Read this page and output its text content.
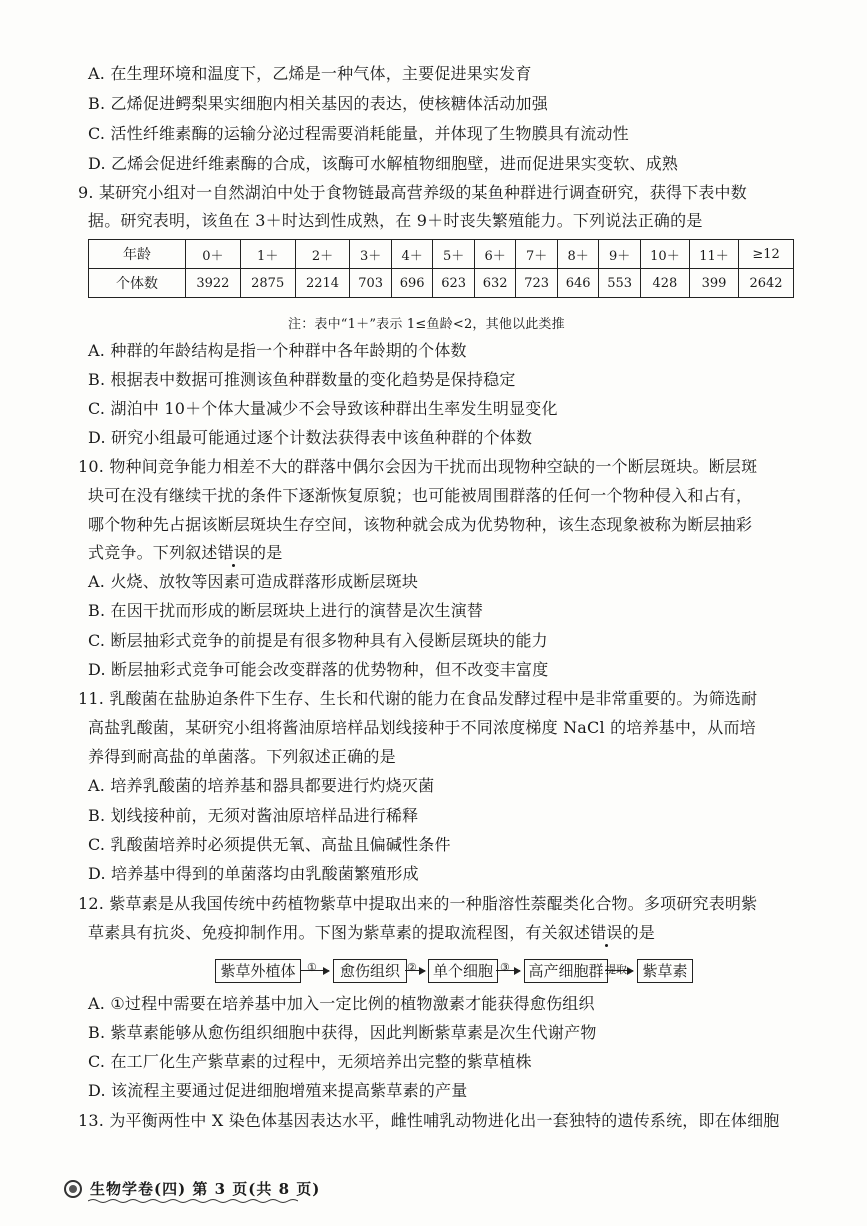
A. 在生理环境和温度下，乙烯是一种气体，主要促进果实发育
B. 乙烯促进鳄梨果实细胞内相关基因的表达，使核糖体活动加强
C. 活性纤维素酶的运输分泌过程需要消耗能量，并体现了生物膜具有流动性
D. 乙烯会促进纤维素酶的合成，该酶可水解植物细胞壁，进而促进果实变软、成熟
9. 某研究小组对一自然湖泊中处于食物链最高营养级的某鱼种群进行调查研究，获得下表中数
据。研究表明，该鱼在 3＋时达到性成熟，在 9＋时丧失繁殖能力。下列说法正确的是
年龄	0＋	1＋	2＋	3＋	4＋	5＋	6＋	7＋	8＋	9＋	10＋	11＋	≥12
个体数	3922	2875	2214	703	696	623	632	723	646	553	428	399	2642
注：表中“1＋”表示 1≤鱼龄<2，其他以此类推
A. 种群的年龄结构是指一个种群中各年龄期的个体数
B. 根据表中数据可推测该鱼种群数量的变化趋势是保持稳定
C. 湖泊中 10＋个体大量减少不会导致该种群出生率发生明显变化
D. 研究小组最可能通过逐个计数法获得表中该鱼种群的个体数
10. 物种间竞争能力相差不大的群落中偶尔会因为干扰而出现物种空缺的一个断层斑块。断层斑
块可在没有继续干扰的条件下逐渐恢复原貌；也可能被周围群落的任何一个物种侵入和占有，
哪个物种先占据该断层斑块生存空间，该物种就会成为优势物种，该生态现象被称为断层抽彩
式竞争。下列叙述错误的是
A. 火烧、放牧等因素可造成群落形成断层斑块
B. 在因干扰而形成的断层斑块上进行的演替是次生演替
C. 断层抽彩式竞争的前提是有很多物种具有入侵断层斑块的能力
D. 断层抽彩式竞争可能会改变群落的优势物种，但不改变丰富度
11. 乳酸菌在盐胁迫条件下生存、生长和代谢的能力在食品发酵过程中是非常重要的。为筛选耐
高盐乳酸菌，某研究小组将酱油原培样品划线接种于不同浓度梯度 NaCl 的培养基中，从而培
养得到耐高盐的单菌落。下列叙述正确的是
A. 培养乳酸菌的培养基和器具都要进行灼烧灭菌
B. 划线接种前，无须对酱油原培样品进行稀释
C. 乳酸菌培养时必须提供无氧、高盐且偏碱性条件
D. 培养基中得到的单菌落均由乳酸菌繁殖形成
12. 紫草素是从我国传统中药植物紫草中提取出来的一种脂溶性萘醌类化合物。多项研究表明紫
草素具有抗炎、免疫抑制作用。下图为紫草素的提取流程图，有关叙述错误的是
紫草外植体	①	愈伤组织 ②	单个细胞 ③ 高产细胞群 提取	紫草素
A. ①过程中需要在培养基中加入一定比例的植物激素才能获得愈伤组织
B. 紫草素能够从愈伤组织细胞中获得，因此判断紫草素是次生代谢产物
C. 在工厂化生产紫草素的过程中，无须培养出完整的紫草植株
D. 该流程主要通过促进细胞增殖来提高紫草素的产量
13. 为平衡两性中 X 染色体基因表达水平，雌性哺乳动物进化出一套独特的遗传系统，即在体细胞
生物学卷(四) 第 3 页(共 8 页)
